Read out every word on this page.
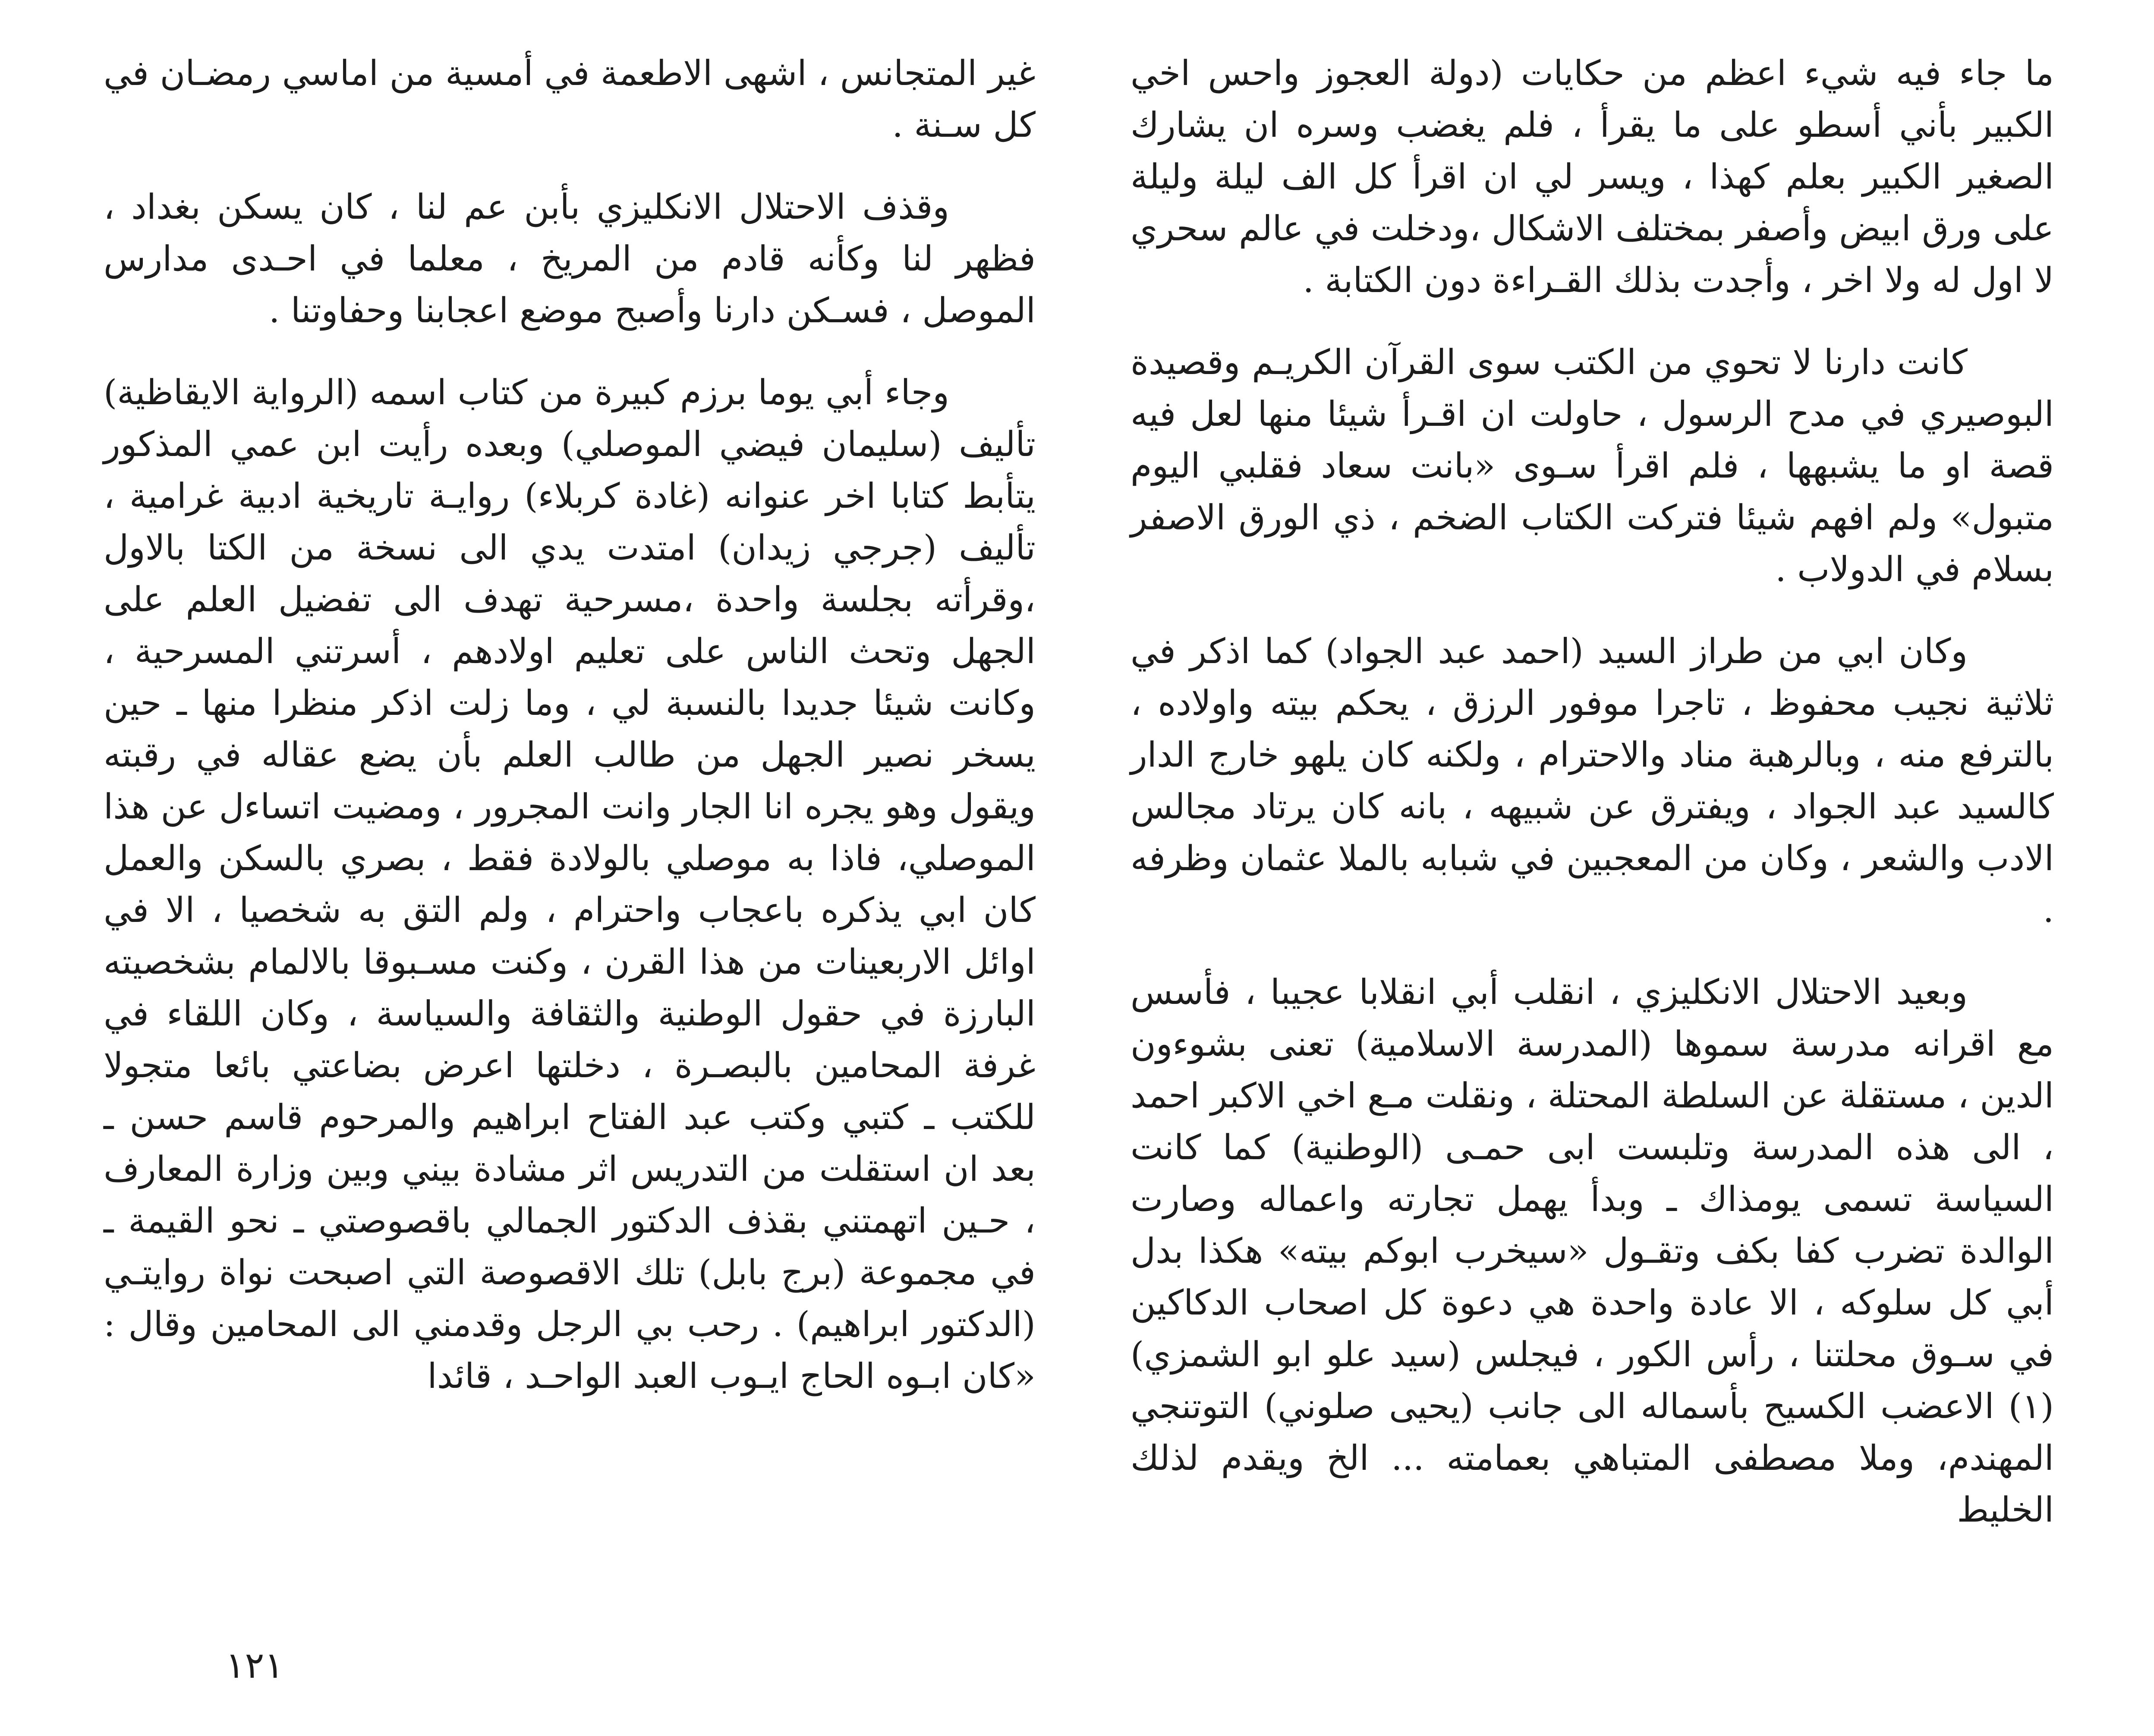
ما جاء فيه شيء اعظم من حكايات (دولة العجوز واحس اخي الكبير بأني أسطو على ما يقرأ ، فلم يغضب وسره ان يشارك الصغير الكبير بعلم كهذا ، ويسر لي ان اقرأ كل الف ليلة وليلة على ورق ابيض وأصفر بمختلف الاشكال ،ودخلت في عالم سحري لا اول له ولا اخر ، وأجدت بذلك القـراءة دون الكتابة .

كانت دارنا لا تحوي من الكتب سوى القرآن الكريـم وقصيدة البوصيري في مدح الرسول ، حاولت ان اقـرأ شيئا منها لعل فيه قصة او ما يشبهها ، فلم اقرأ سـوى «بانت سعاد فقلبي اليوم متبول» ولم افهم شيئا فتركت الكتاب الضخم ، ذي الورق الاصفر بسلام في الدولاب .

وكان ابي من طراز السيد (احمد عبد الجواد) كما اذكر في ثلاثية نجيب محفوظ ، تاجرا موفور الرزق ، يحكم بيته واولاده ، بالترفع منه ، وبالرهبة مناد والاحترام ، ولكنه كان يلهو خارج الدار كالسيد عبد الجواد ، ويفترق عن شبيهه ، بانه كان يرتاد مجالس الادب والشعر ، وكان من المعجبين في شبابه بالملا عثمان وظرفه .

وبعيد الاحتلال الانكليزي ، انقلب أبي انقلابا عجيبا ، فأسس مع اقرانه مدرسة سموها (المدرسة الاسلامية) تعنى بشوءون الدين ، مستقلة عن السلطة المحتلة ، ونقلت مـع اخي الاكبر احمد ، الى هذه المدرسة وتلبست ابى حمـى (الوطنية) كما كانت السياسة تسمى يومذاك ـ وبدأ يهمل تجارته واعماله وصارت الوالدة تضرب كفا بكف وتقـول «سيخرب ابوكم بيته» هكذا بدل أبي كل سلوكه ، الا عادة واحدة هي دعوة كل اصحاب الدكاكين في سـوق محلتنا ، رأس الكور ، فيجلس (سيد علو ابو الشمزي)(١) الاعضب الكسيح بأسماله الى جانب (يحيى صلوني) التوتنجي المهندم، وملا مصطفى المتباهي بعمامته ... الخ ويقدم لذلك الخليط

غير المتجانس ، اشهى الاطعمة في أمسية من اماسي رمضـان في كل سـنة .

وقذف الاحتلال الانكليزي بأبن عم لنا ، كان يسكن بغداد ، فظهر لنا وكأنه قادم من المريخ ، معلما في احـدى مدارس الموصل ، فسـكن دارنا وأصبح موضع اعجابنا وحفاوتنا .

وجاء أبي يوما برزم كبيرة من كتاب اسمه (الرواية الايقاظية) تأليف (سليمان فيضي الموصلي) وبعده رأيت ابن عمي المذكور يتأبط كتابا اخر عنوانه (غادة كربلاء) روايـة تاريخية ادبية غرامية ، تأليف (جرجي زيدان) امتدت يدي الى نسخة من الكتا بالاول ،وقرأته بجلسة واحدة ،مسرحية تهدف الى تفضيل العلم على الجهل وتحث الناس على تعليم اولادهم ، أسرتني المسرحية ، وكانت شيئا جديدا بالنسبة لي ، وما زلت اذكر منظرا منها ـ حين يسخر نصير الجهل من طالب العلم بأن يضع عقاله في رقبته ويقول وهو يجره انا الجار وانت المجرور ، ومضيت اتساءل عن هذا الموصلي، فاذا به موصلي بالولادة فقط ، بصري بالسكن والعمل كان ابي يذكره باعجاب واحترام ، ولم التق به شخصيا ، الا في اوائل الاربعينات من هذا القرن ، وكنت مسـبوقا بالالمام بشخصيته البارزة في حقول الوطنية والثقافة والسياسة ، وكان اللقاء في غرفة المحامين بالبصـرة ، دخلتها اعرض بضاعتي بائعا متجولا للكتب ـ كتبي وكتب عبد الفتاح ابراهيم والمرحوم قاسم حسن ـ بعد ان استقلت من التدريس اثر مشادة بيني وبين وزارة المعارف ، حـين اتهمتني بقذف الدكتور الجمالي باقصوصتي ـ نحو القيمة ـ في مجموعة (برج بابل) تلك الاقصوصة التي اصبحت نواة روايتـي (الدكتور ابراهيم) . رحب بي الرجل وقدمني الى المحامين وقال : «كان ابـوه الحاج ايـوب العبد الواحـد ، قائدا

١٢١
